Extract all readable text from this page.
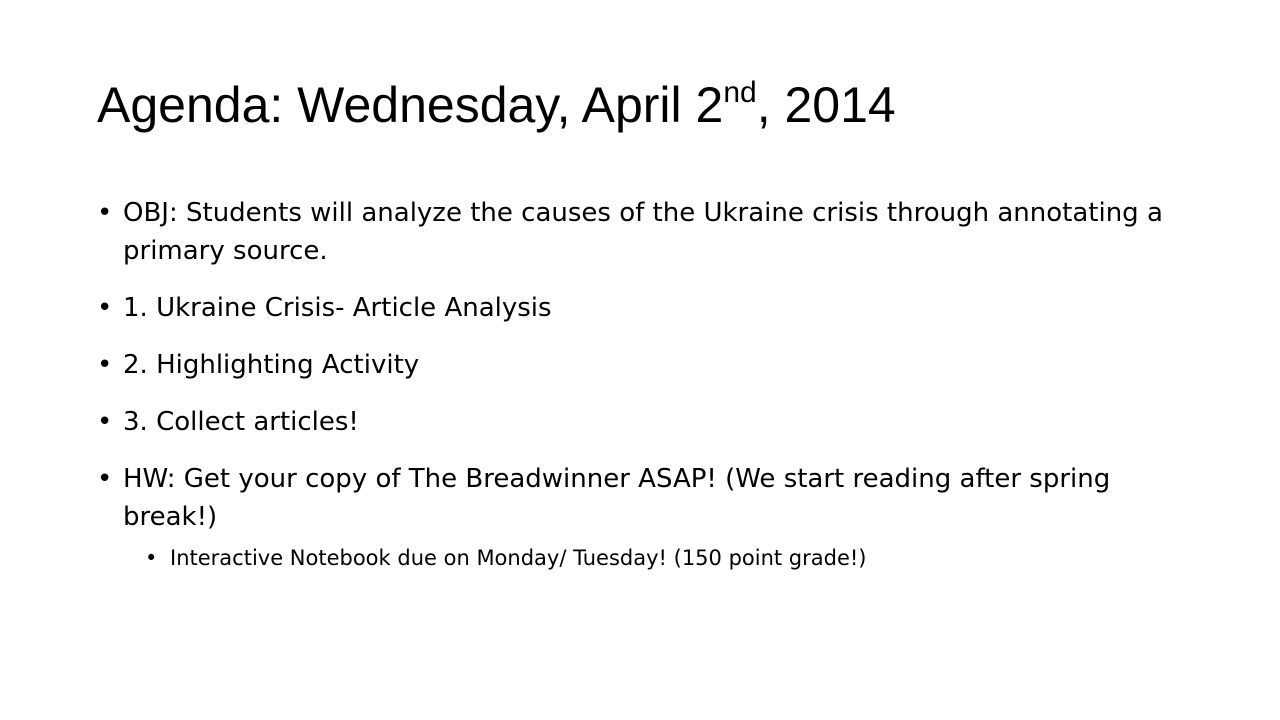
Agenda: Wednesday, April 2nd, 2014
• OBJ: Students will analyze the causes of the Ukraine crisis through annotating a primary source.
• 1. Ukraine Crisis- Article Analysis
• 2. Highlighting Activity
• 3. Collect articles!
• HW: Get your copy of The Breadwinner ASAP! (We start reading after spring break!)
• Interactive Notebook due on Monday/ Tuesday! (150 point grade!)
